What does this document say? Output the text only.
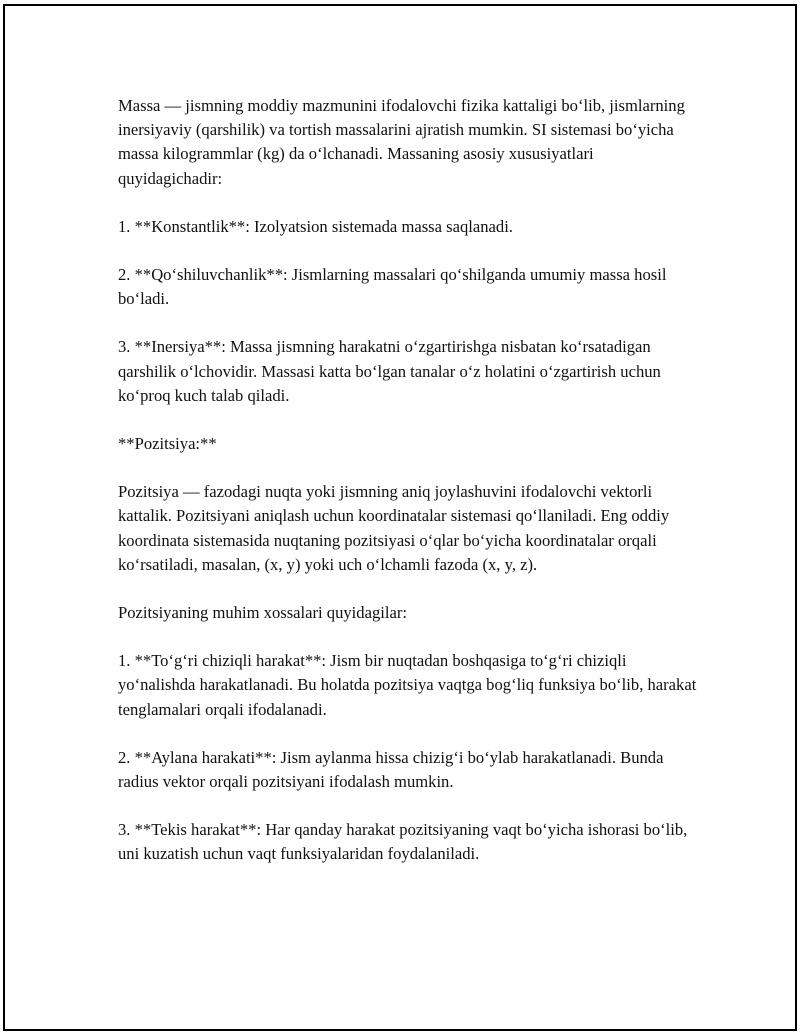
Massa — jismning moddiy mazmunini ifodalovchi fizika kattaligi bo‘lib, jismlarning inersiyaviy (qarshilik) va tortish massalarini ajratish mumkin. SI sistemasi bo‘yicha massa kilogrammlar (kg) da o‘lchanadi. Massaning asosiy xususiyatlari quyidagichadir:

1. **Konstantlik**: Izolyatsion sistemada massa saqlanadi.

2. **Qo‘shiluvchanlik**: Jismlarning massalari qo‘shilganda umumiy massa hosil bo‘ladi.

3. **Inersiya**: Massa jismning harakatni o‘zgartirishga nisbatan ko‘rsatadigan qarshilik o‘lchovidir. Massasi katta bo‘lgan tanalar o‘z holatini o‘zgartirish uchun ko‘proq kuch talab qiladi.

**Pozitsiya:**

Pozitsiya — fazodagi nuqta yoki jismning aniq joylashuvini ifodalovchi vektorli kattalik. Pozitsiyani aniqlash uchun koordinatalar sistemasi qo‘llaniladi. Eng oddiy koordinata sistemasida nuqtaning pozitsiyasi o‘qlar bo‘yicha koordinatalar orqali ko‘rsatiladi, masalan, (x, y) yoki uch o‘lchamli fazoda (x, y, z).

Pozitsiyaning muhim xossalari quyidagilar:

1. **To‘g‘ri chiziqli harakat**: Jism bir nuqtadan boshqasiga to‘g‘ri chiziqli yo‘nalishda harakatlanadi. Bu holatda pozitsiya vaqtga bog‘liq funksiya bo‘lib, harakat tenglamalari orqali ifodalanadi.

2. **Aylana harakati**: Jism aylanma hissa chizig‘i bo‘ylab harakatlanadi. Bunda radius vektor orqali pozitsiyani ifodalash mumkin.

3. **Tekis harakat**: Har qanday harakat pozitsiyaning vaqt bo‘yicha ishorasi bo‘lib, uni kuzatish uchun vaqt funksiyalaridan foydalaniladi.
